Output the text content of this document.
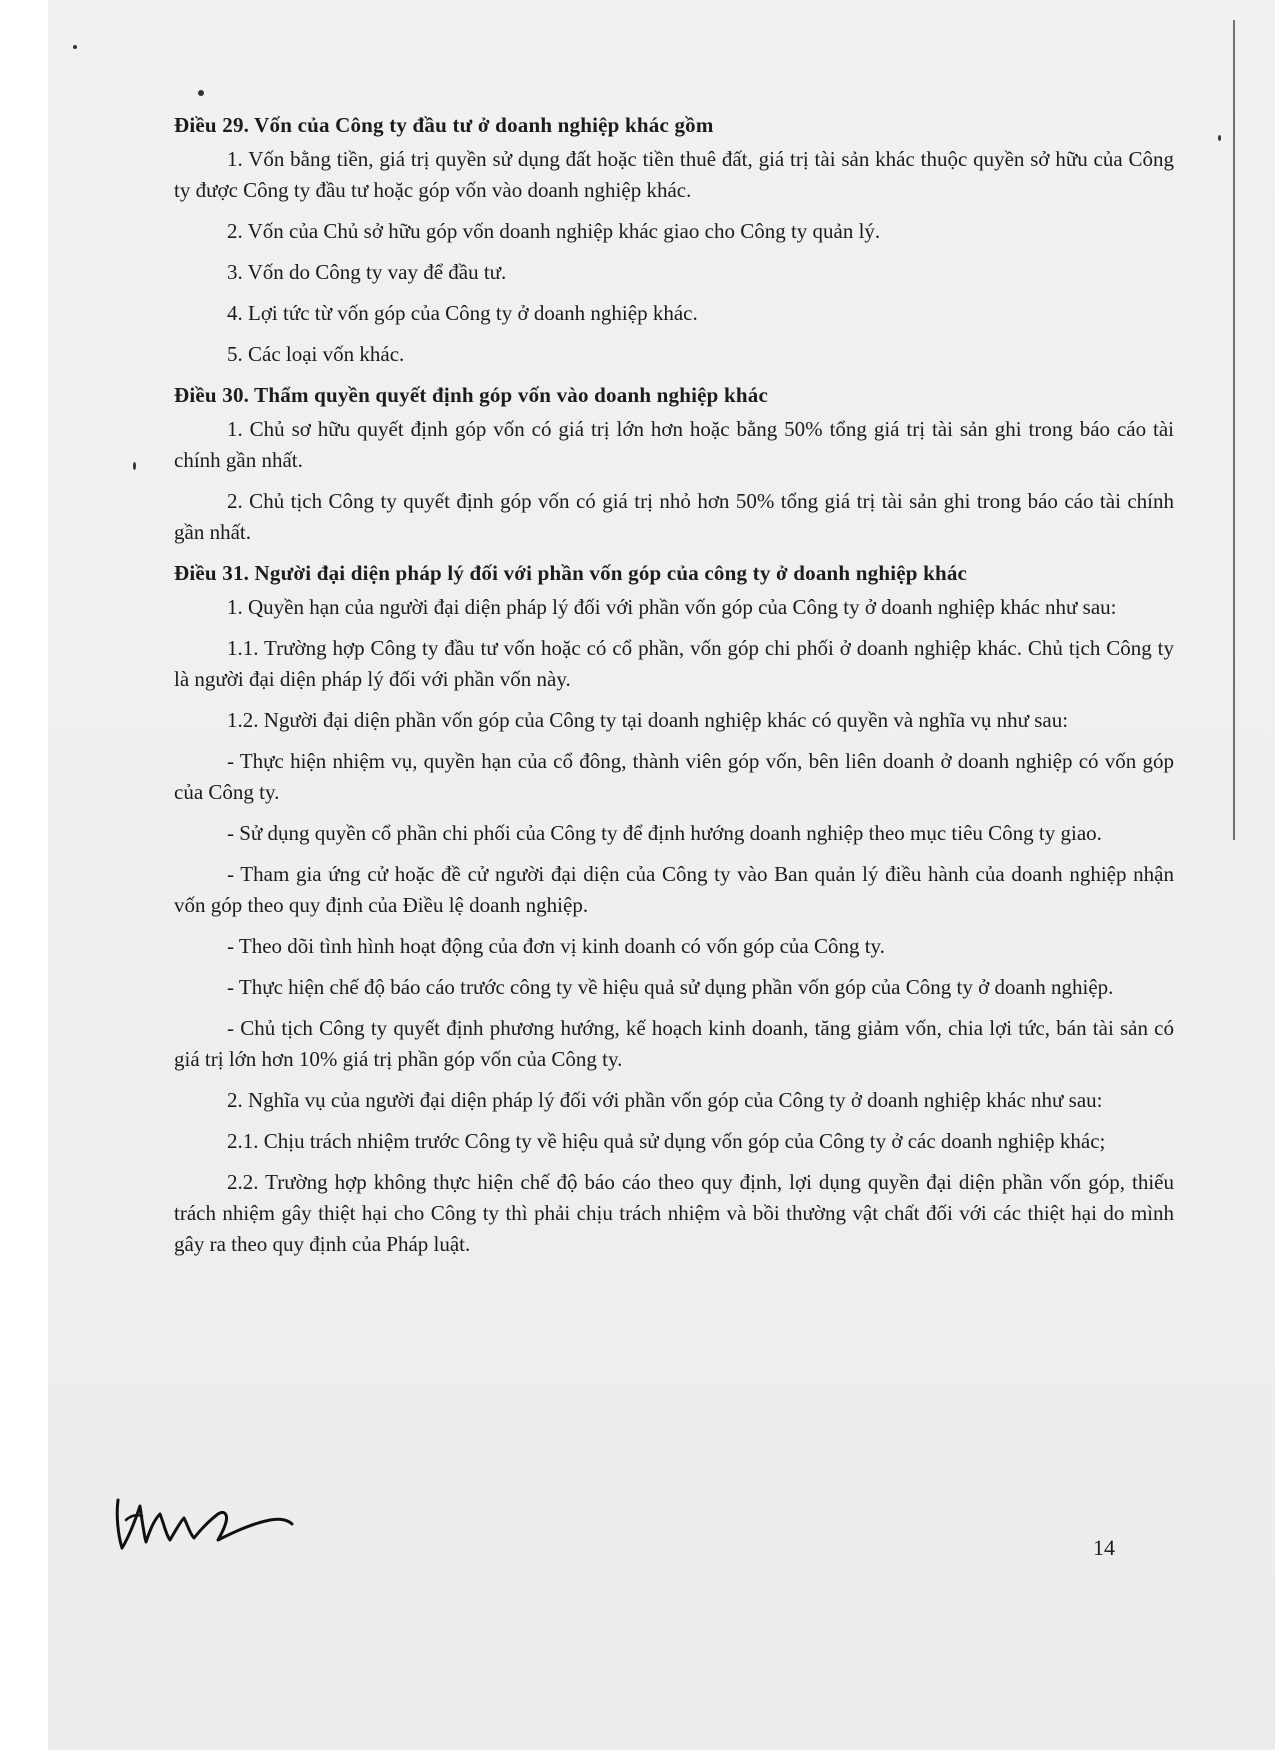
Điều 29. Vốn của Công ty đầu tư ở doanh nghiệp khác gồm

1. Vốn bằng tiền, giá trị quyền sử dụng đất hoặc tiền thuê đất, giá trị tài sản khác thuộc quyền sở hữu của Công ty được Công ty đầu tư hoặc góp vốn vào doanh nghiệp khác.

2. Vốn của Chủ sở hữu góp vốn doanh nghiệp khác giao cho Công ty quản lý.

3. Vốn do Công ty vay để đầu tư.

4. Lợi tức từ vốn góp của Công ty ở doanh nghiệp khác.

5. Các loại vốn khác.

Điều 30. Thẩm quyền quyết định góp vốn vào doanh nghiệp khác

1. Chủ sơ hữu quyết định góp vốn có giá trị lớn hơn hoặc bằng 50% tổng giá trị tài sản ghi trong báo cáo tài chính gần nhất.

2. Chủ tịch Công ty quyết định góp vốn có giá trị nhỏ hơn 50% tổng giá trị tài sản ghi trong báo cáo tài chính gần nhất.

Điều 31. Người đại diện pháp lý đối với phần vốn góp của công ty ở doanh nghiệp khác

1. Quyền hạn của người đại diện pháp lý đối với phần vốn góp của Công ty ở doanh nghiệp khác như sau:

1.1. Trường hợp Công ty đầu tư vốn hoặc có cổ phần, vốn góp chi phối ở doanh nghiệp khác. Chủ tịch Công ty là người đại diện pháp lý đối với phần vốn này.

1.2. Người đại diện phần vốn góp của Công ty tại doanh nghiệp khác có quyền và nghĩa vụ như sau:

- Thực hiện nhiệm vụ, quyền hạn của cổ đông, thành viên góp vốn, bên liên doanh ở doanh nghiệp có vốn góp của Công ty.

- Sử dụng quyền cổ phần chi phối của Công ty để định hướng doanh nghiệp theo mục tiêu Công ty giao.

- Tham gia ứng cử hoặc đề cử người đại diện của Công ty vào Ban quản lý điều hành của doanh nghiệp nhận vốn góp theo quy định của Điều lệ doanh nghiệp.

- Theo dõi tình hình hoạt động của đơn vị kinh doanh có vốn góp của Công ty.

- Thực hiện chế độ báo cáo trước công ty về hiệu quả sử dụng phần vốn góp của Công ty ở doanh nghiệp.

- Chủ tịch Công ty quyết định phương hướng, kế hoạch kinh doanh, tăng giảm vốn, chia lợi tức, bán tài sản có giá trị lớn hơn 10% giá trị phần góp vốn của Công ty.

2. Nghĩa vụ của người đại diện pháp lý đối với phần vốn góp của Công ty ở doanh nghiệp khác như sau:

2.1. Chịu trách nhiệm trước Công ty về hiệu quả sử dụng vốn góp của Công ty ở các doanh nghiệp khác;

2.2. Trường hợp không thực hiện chế độ báo cáo theo quy định, lợi dụng quyền đại diện phần vốn góp, thiếu trách nhiệm gây thiệt hại cho Công ty thì phải chịu trách nhiệm và bồi thường vật chất đối với các thiệt hại do mình gây ra theo quy định của Pháp luật.

14
